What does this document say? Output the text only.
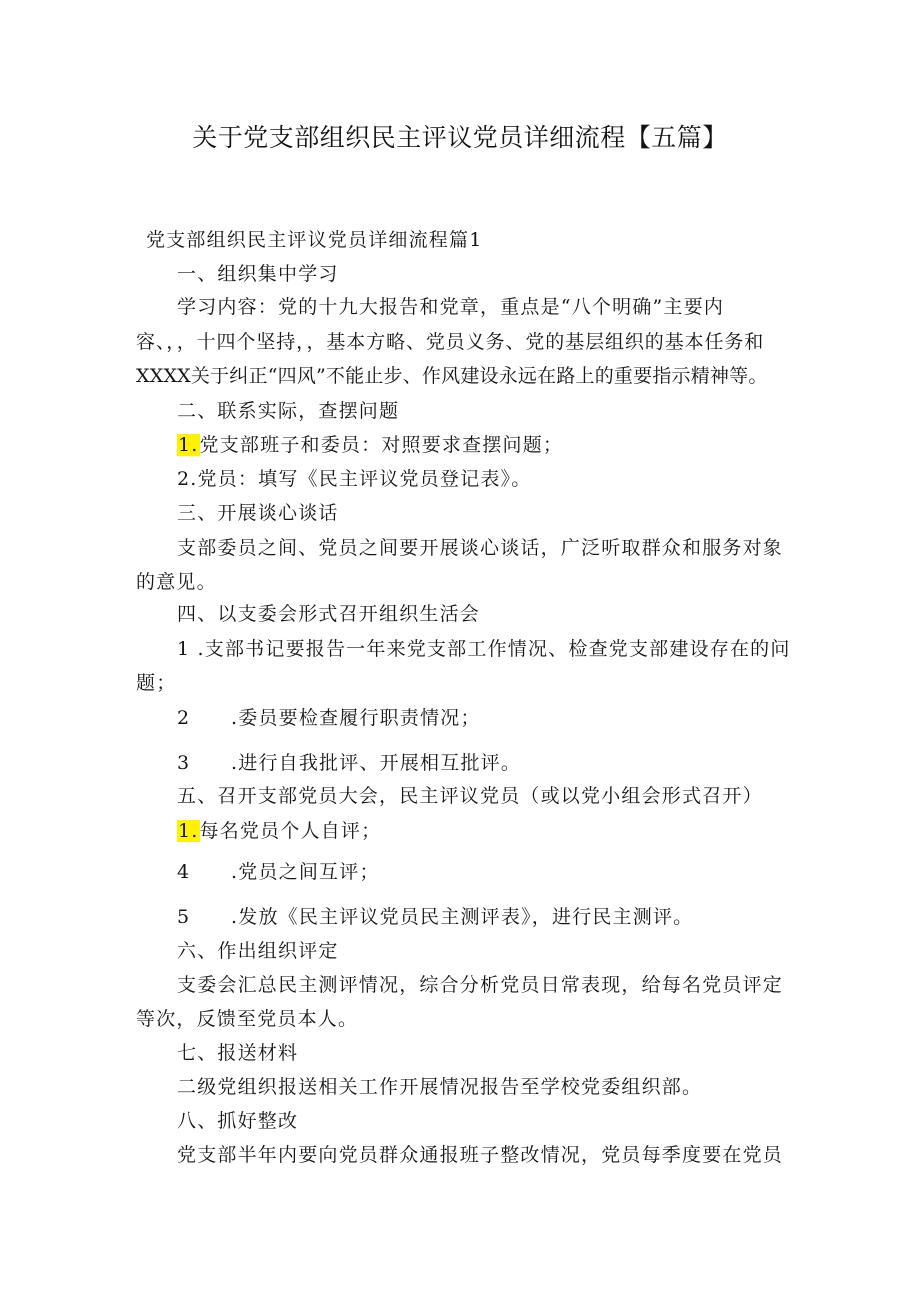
关于党支部组织民主评议党员详细流程【五篇】
党支部组织民主评议党员详细流程篇1
一、组织集中学习
学习内容：党的十九大报告和党章，重点是“八个明确”主要内
容、，，十四个坚持，，基本方略、党员义务、党的基层组织的基本任务和
XXXX关于纠正“四风”不能止步、作风建设永远在路上的重要指示精神等。
二、联系实际，查摆问题
1.党支部班子和委员：对照要求查摆问题；
2.党员：填写《民主评议党员登记表》。
三、开展谈心谈话
支部委员之间、党员之间要开展谈心谈话，广泛听取群众和服务对象
的意见。
四、以支委会形式召开组织生活会
1 .支部书记要报告一年来党支部工作情况、检查党支部建设存在的问
题；
2 .委员要检查履行职责情况；
3 .进行自我批评、开展相互批评。
五、召开支部党员大会，民主评议党员（或以党小组会形式召开）
1.每名党员个人自评；
4 .党员之间互评；
5 .发放《民主评议党员民主测评表》，进行民主测评。
六、作出组织评定
支委会汇总民主测评情况，综合分析党员日常表现，给每名党员评定
等次，反馈至党员本人。
七、报送材料
二级党组织报送相关工作开展情况报告至学校党委组织部。
八、抓好整改
党支部半年内要向党员群众通报班子整改情况，党员每季度要在党员
